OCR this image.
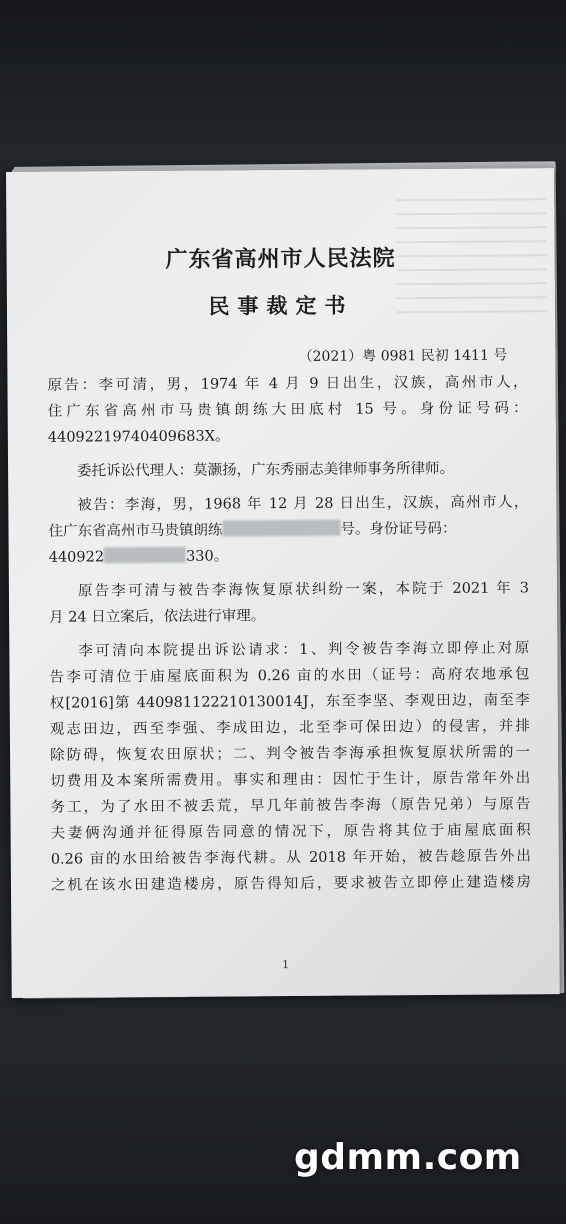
广东省高州市人民法院
民事裁定书
（2021）粤 0981 民初 1411 号

原告：李可清，男，1974 年 4 月 9 日出生，汉族，高州市人，
住广东省高州市马贵镇朗练大田底村 15 号。身份证号码：
44092219740409683X。

委托诉讼代理人：莫灏扬，广东秀丽志美律师事务所律师。

被告：李海，男，1968 年 12 月 28 日出生，汉族，高州市人，
住广东省高州市马贵镇朗练	号。身份证号码：
440922	330。

原告李可清与被告李海恢复原状纠纷一案，本院于 2021 年 3
月 24 日立案后，依法进行审理。

李可清向本院提出诉讼请求：1、判令被告李海立即停止对原
告李可清位于庙屋底面积为 0.26 亩的水田（证号：高府农地承包
权[2016]第 440981122210130014J，东至李坚、李观田边，南至李
观志田边，西至李强、李成田边，北至李可保田边）的侵害，并排
除防碍，恢复农田原状；二、判令被告李海承担恢复原状所需的一
切费用及本案所需费用。事实和理由：因忙于生计，原告常年外出
务工，为了水田不被丢荒，早几年前被告李海（原告兄弟）与原告
夫妻俩沟通并征得原告同意的情况下，原告将其位于庙屋底面积
0.26 亩的水田给被告李海代耕。从 2018 年开始，被告趁原告外出
之机在该水田建造楼房，原告得知后，要求被告立即停止建造楼房

1
gdmm.com
